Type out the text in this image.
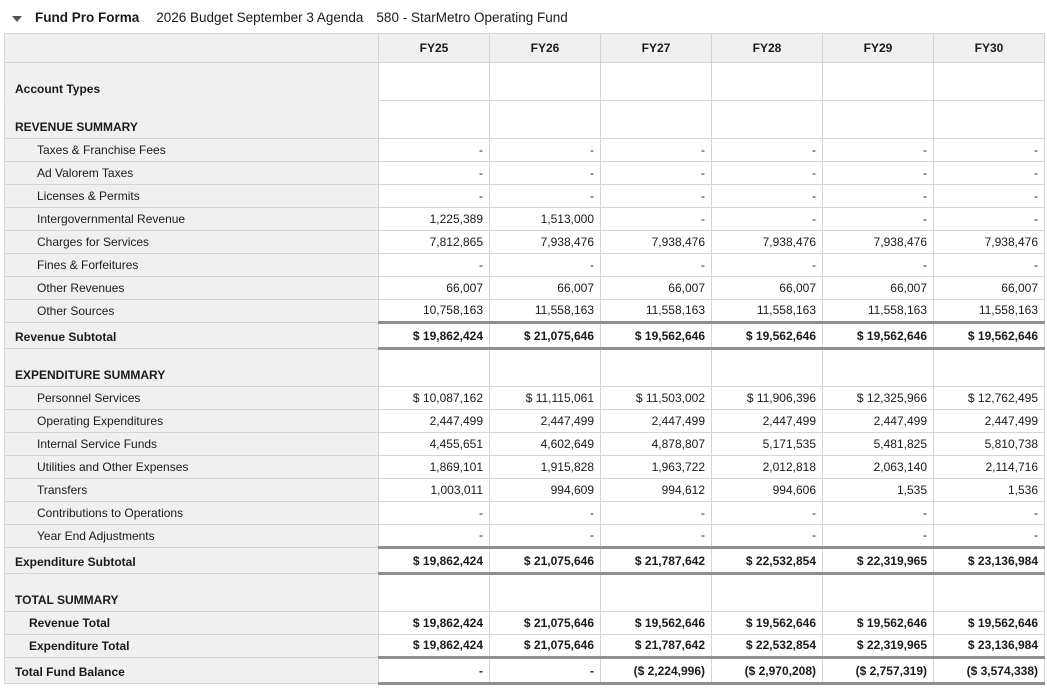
Fund Pro Forma 2026 Budget September 3 Agenda 580 - StarMetro Operating Fund
	FY25	FY26	FY27	FY28	FY29	FY30
Account Types						
REVENUE SUMMARY						
Taxes & Franchise Fees	-	-	-	-	-	-
Ad Valorem Taxes	-	-	-	-	-	-
Licenses & Permits	-	-	-	-	-	-
Intergovernmental Revenue	1,225,389	1,513,000	-	-	-	-
Charges for Services	7,812,865	7,938,476	7,938,476	7,938,476	7,938,476	7,938,476
Fines & Forfeitures	-	-	-	-	-	-
Other Revenues	66,007	66,007	66,007	66,007	66,007	66,007
Other Sources	10,758,163	11,558,163	11,558,163	11,558,163	11,558,163	11,558,163
Revenue Subtotal	$ 19,862,424	$ 21,075,646	$ 19,562,646	$ 19,562,646	$ 19,562,646	$ 19,562,646
EXPENDITURE SUMMARY						
Personnel Services	$ 10,087,162	$ 11,115,061	$ 11,503,002	$ 11,906,396	$ 12,325,966	$ 12,762,495
Operating Expenditures	2,447,499	2,447,499	2,447,499	2,447,499	2,447,499	2,447,499
Internal Service Funds	4,455,651	4,602,649	4,878,807	5,171,535	5,481,825	5,810,738
Utilities and Other Expenses	1,869,101	1,915,828	1,963,722	2,012,818	2,063,140	2,114,716
Transfers	1,003,011	994,609	994,612	994,606	1,535	1,536
Contributions to Operations	-	-	-	-	-	-
Year End Adjustments	-	-	-	-	-	-
Expenditure Subtotal	$ 19,862,424	$ 21,075,646	$ 21,787,642	$ 22,532,854	$ 22,319,965	$ 23,136,984
TOTAL SUMMARY						
Revenue Total	$ 19,862,424	$ 21,075,646	$ 19,562,646	$ 19,562,646	$ 19,562,646	$ 19,562,646
Expenditure Total	$ 19,862,424	$ 21,075,646	$ 21,787,642	$ 22,532,854	$ 22,319,965	$ 23,136,984
Total Fund Balance	-	-	($ 2,224,996)	($ 2,970,208)	($ 2,757,319)	($ 3,574,338)
